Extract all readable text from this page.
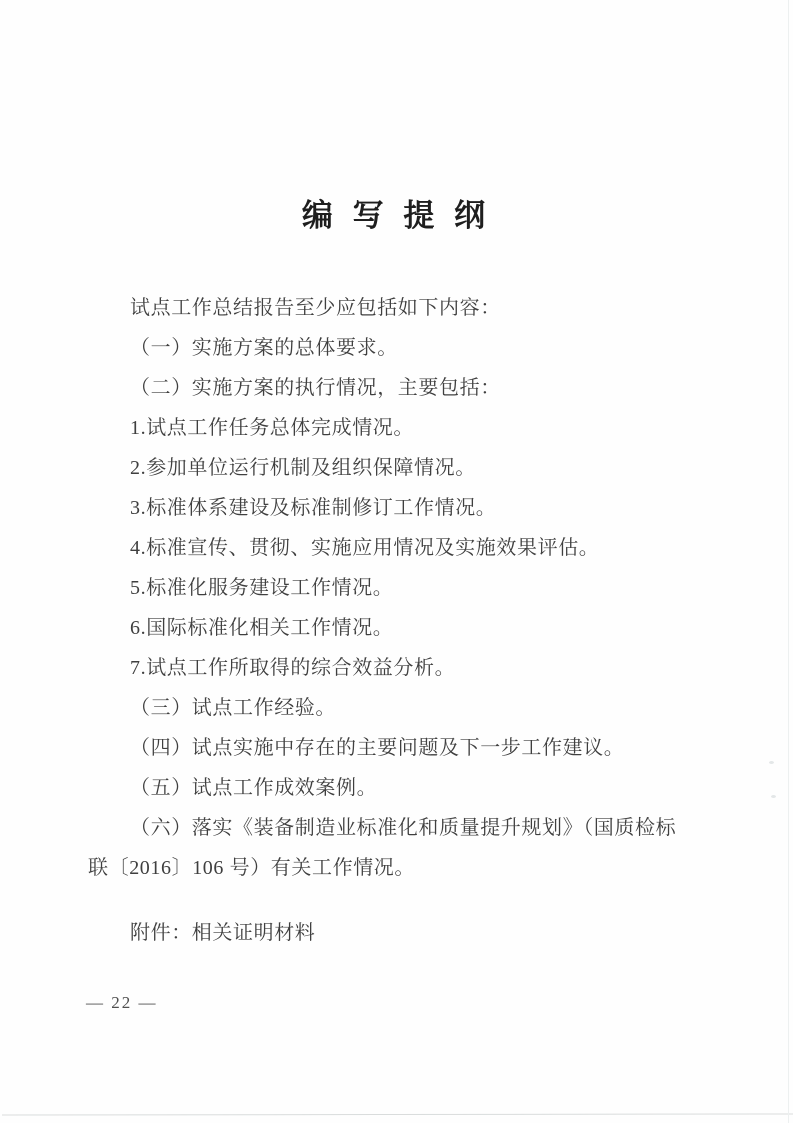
编 写 提 纲

试点工作总结报告至少应包括如下内容：

（一）实施方案的总体要求。

（二）实施方案的执行情况，主要包括：

1.试点工作任务总体完成情况。

2.参加单位运行机制及组织保障情况。

3.标准体系建设及标准制修订工作情况。

4.标准宣传、贯彻、实施应用情况及实施效果评估。

5.标准化服务建设工作情况。

6.国际标准化相关工作情况。

7.试点工作所取得的综合效益分析。

（三）试点工作经验。

（四）试点实施中存在的主要问题及下一步工作建议。

（五）试点工作成效案例。

（六）落实《装备制造业标准化和质量提升规划》（国质检标

联〔2016〕106 号）有关工作情况。

附件：相关证明材料

— 22 —
